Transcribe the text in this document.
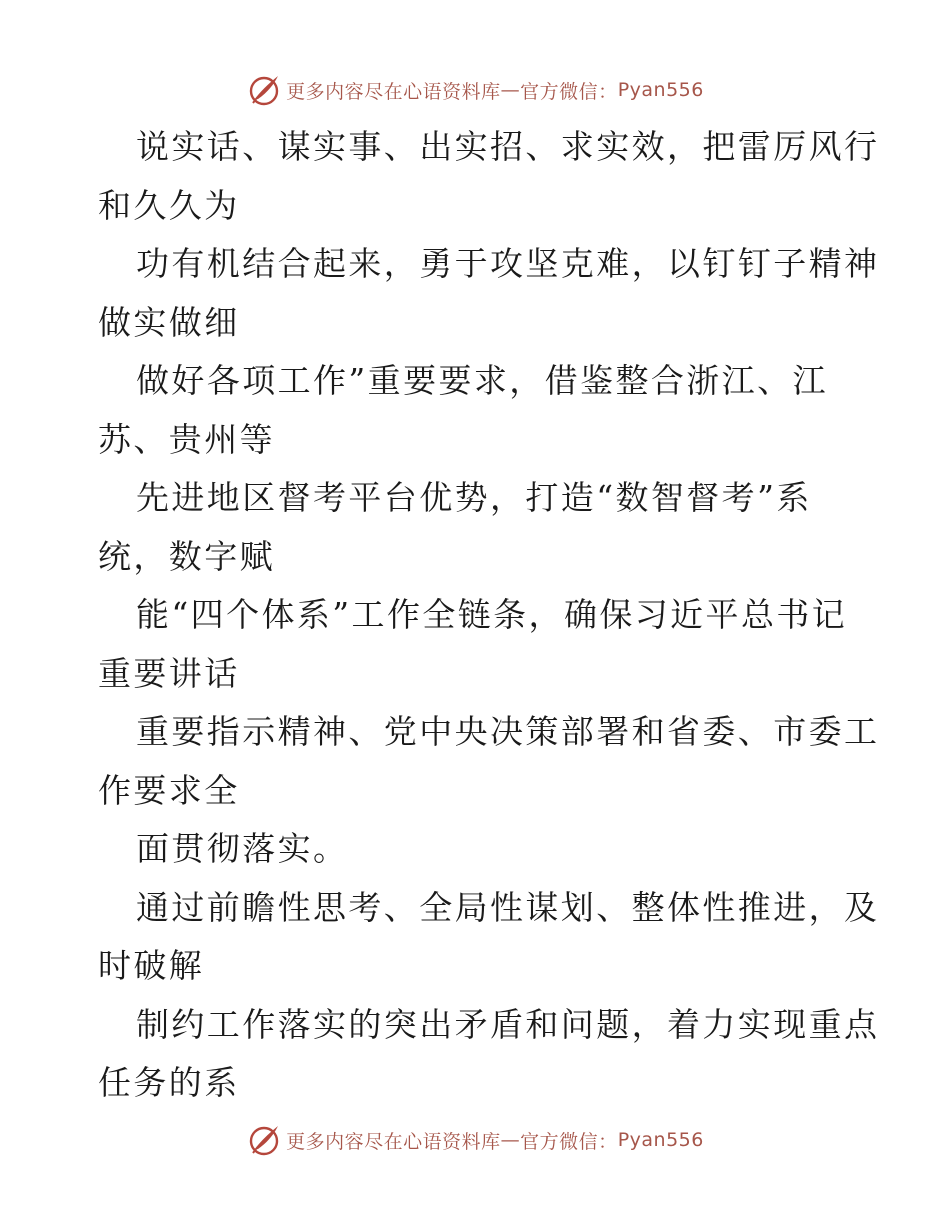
更多内容尽在心语资料库 — 官方微信： Pyan556
说实话、谋实事、出实招、求实效，把雷厉风行
和久久为
功有机结合起来，勇于攻坚克难，以钉钉子精神
做实做细
做好各项工作”重要要求，借鉴整合浙江、江
苏、贵州等
先进地区督考平台优势，打造“数智督考”系
统，数字赋
能“四个体系”工作全链条，确保习近平总书记
重要讲话
重要指示精神、党中央决策部署和省委、市委工
作要求全
面贯彻落实。
通过前瞻性思考、全局性谋划、整体性推进，及
时破解
制约工作落实的突出矛盾和问题，着力实现重点
任务的系
更多内容尽在心语资料库 — 官方微信： Pyan556
